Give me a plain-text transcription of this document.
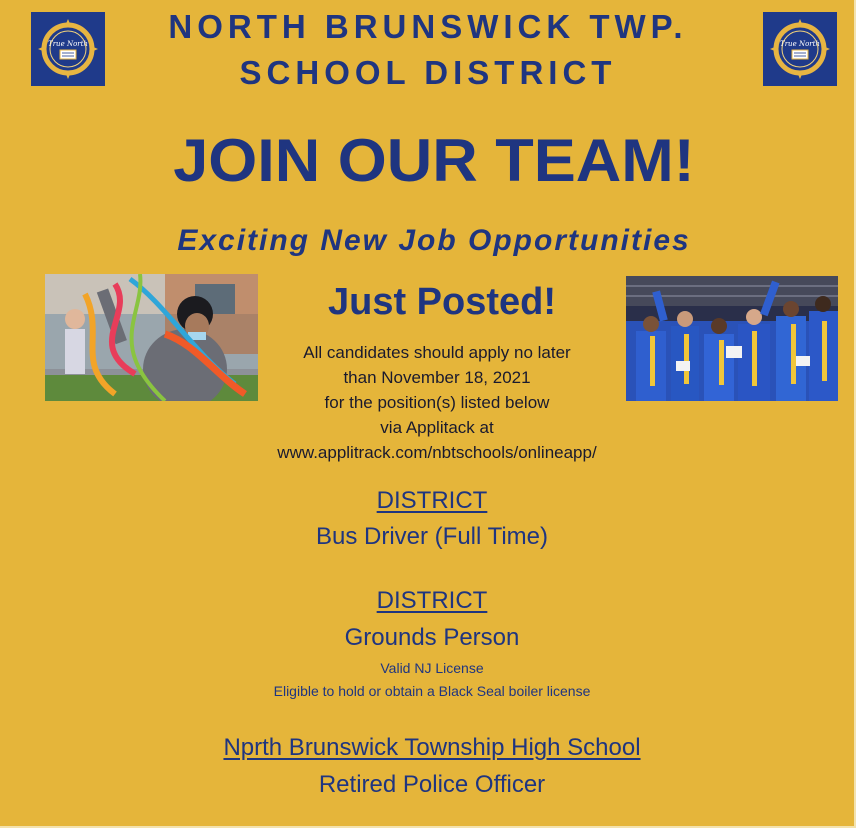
True North	True North
NORTH BRUNSWICK TWP.
SCHOOL DISTRICT
JOIN OUR TEAM!
Exciting New Job Opportunities
Just Posted!
All candidates should apply no later
than November 18, 2021
for the position(s) listed below
via Applitack at
www.applitrack.com/nbtschools/onlineapp/
DISTRICT
Bus Driver (Full Time)
DISTRICT
Grounds Person
Valid NJ License
Eligible to hold or obtain a Black Seal boiler license
Nprth Brunswick Township High School
Retired Police Officer
